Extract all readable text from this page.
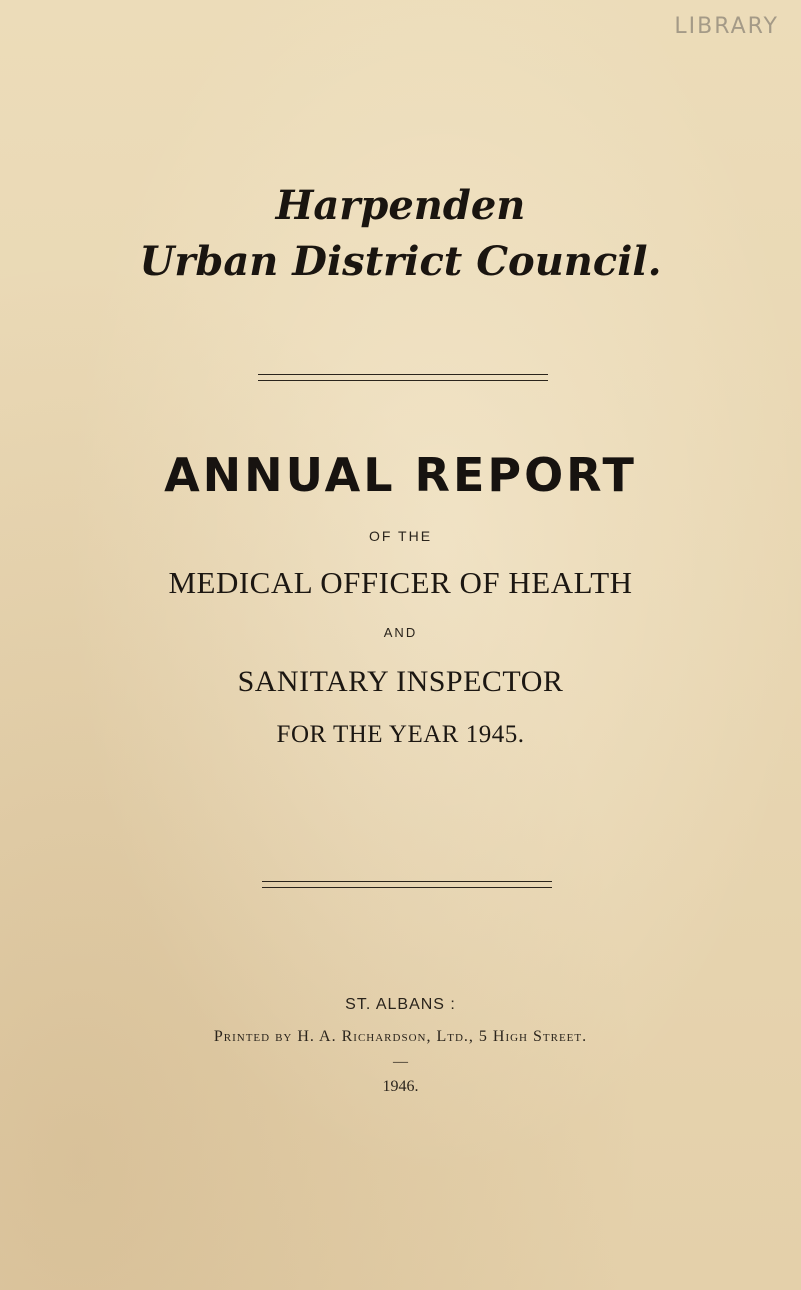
LIBRARY
Harpenden
Urban District Council.
ANNUAL REPORT
OF THE
MEDICAL OFFICER OF HEALTH
AND
SANITARY INSPECTOR
FOR THE YEAR 1945.
ST. ALBANS :
Printed by H. A. Richardson, Ltd., 5 High Street.
—
1946.
